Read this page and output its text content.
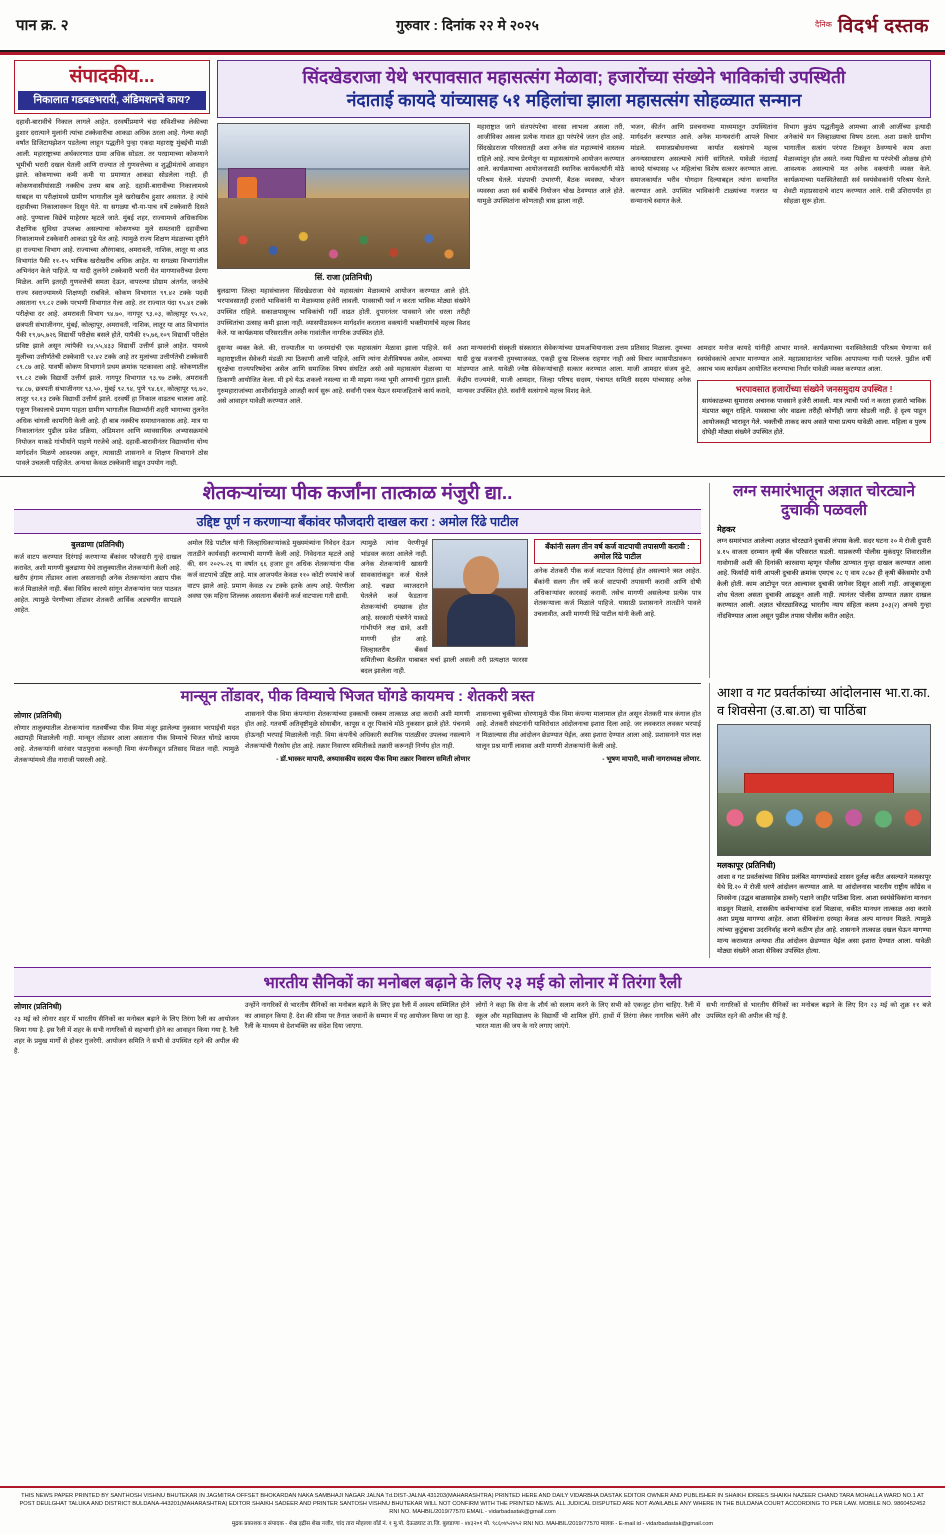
पान क्र. २	गुरुवार : दिनांक २२ मे २०२५	दैनिक विदर्भ दस्तक
संपादकीय...
निकालात गडबडभरारी, अंडिमशनचे काय?
दहावी-बारावीचे निकाल लागले आहेत. दरवर्षीप्रमाणे चंदा सविशीच्या लेकीच्या हुशार दरात्याने मुलांनी त्यांचा टक्केवारीचा आकडा अधिक ठरला आहे. गेल्या काही वर्षांत डिजिटायझेशन पडतेल्या लाहून पद्धतीने पुन्हा एकदा महाराष्ट्र मुंबईची माळी आली. महाराष्ट्राच्या अर्थकारणात ग्रामा अधिक सोडता. तर परग्रामाच्या कोकणाने भूमीची भरारी दखल घेतली आणि राज्यात तो गुणवत्तेच्या व शुद्धीमंतांचे आवाहन झाले. कोकणाच्या कमी कमी या प्रमाणात आकडा सोडलेला नाही. ही कोकणवासीयांसाठी नक्कीच उत्तम बाब आहे. दहावी-बारावीच्या निकालामध्ये याबद्दल या परीक्षांमध्ये ग्रामीण भागातील मुले खरोखरीच हुशार असतात. हे त्यांचे दहावीच्या निकालावरून दिसून येते. या सगळ्या चौ-या-पाच वर्षे टक्केवारी दिसते आहे. पुण्याला विद्येचे माहेरघर म्हटले जाते. मुंबई शहर, राज्यामध्ये अधिकाधिक शैक्षणिक सुविधा उपलब्ध असल्याचा कोकणच्या मुले समतवारी दहावीच्या निकालामध्ये टक्केवारी आकडा पुढे येत आहे. त्यामुळे राज्य शिक्षण मंडळाच्या दृष्टीने हा राज्याचा विभाग आहे. राज्याच्या औरंगाबाद, अमरावती, नाशिक, लातूर या आठ विभागांत पैकी ११-१५ भाषिक खरोखरीच अधिक आहेत. या सगळ्या विभागांतील अभिनंदन केले पाहिजे. या यादी तुलनेने टक्केवारी भरारी घेत मागणावरीच्या प्रेरणा मिळेल. आणि इतरही गुणवत्तेची समता देऊन, वापरल्या प्रोग्राम अंतर्गत, जनतेचे राज्य स्वराज्यामध्ये शिक्षणही राबविले. कोकण विभागात ९९.४२ टक्के पदवी असताना ९९.८२ टक्के परभणी विभागात गेला आहे. तर राज्यात यंदा ९५.४१ टक्के परीक्षेचा दर आहे. अमरावती विभाग ९४.७०, नागपूर ९३.०३, कोल्हापूर ९५.५२, छत्रपती संभाजीनगर, मुंबई, कोल्हापूर, अमरावती, नाशिक, लातूर या आठ विभागांत पैकी १९,७५,७२६ विद्यार्थी परीक्षेस बसले होते, यापैकी १५,७६,१०९ विद्यार्थी परीक्षेत प्रविष्ट झाले असून त्यांपैकी १४,५५,४३३ विद्यार्थी उत्तीर्ण झाले आहेत. यामध्ये मुलींच्या उत्तीर्णतेची टक्केवारी ९२.४२ टक्के आहे तर मुलांच्या उत्तीर्णतेची टक्केवारी ८९.८७ आहे. यावर्षी कोकण विभागाने प्रथम क्रमांक पटकावला आहे. कोकणातील ९९.८२ टक्के विद्यार्थी उत्तीर्ण झाले. नागपूर विभागात ९३.९७ टक्के, अमरावती ९४.८७, छत्रपती संभाजीनगर ९३.५०, मुंबई ९२.९४, पुणे ९४.६१, कोल्हापूर ९६.७२, लातूर ९२.१३ टक्के विद्यार्थी उत्तीर्ण झाले. दरवर्षी हा निकाल वाढतच चालला आहे. एकूण निकालाचे प्रमाण पाहता ग्रामीण भागातील विद्यार्थ्यांनी शहरी भागाच्या तुलनेत अधिक चांगली कामगिरी केली आहे. ही बाब नक्कीच समाधानकारक आहे. मात्र या निकालानंतर पुढील प्रवेश प्रक्रिया, अंडिमशन आणि व्यावसायिक अभ्यासक्रमांचे नियोजन याकडे गांभीर्याने पाहणे गरजेचे आहे. दहावी-बारावीनंतर विद्यार्थ्यांना योग्य मार्गदर्शन मिळणे आवश्यक असून, त्यासाठी शासनाने व शिक्षण विभागाने ठोस पावले उचलली पाहिजेत. अन्यथा केवळ टक्केवारी वाढून उपयोग नाही.
सिंदखेडराजा येथे भरपावसात महासत्संग मेळावा; हजारोंच्या संख्येने भाविकांची उपस्थिती
नंदाताई कायदे यांच्यासह ५१ महिलांचा झाला महासत्संग सोहळ्यात सन्मान
सिं. राजा (प्रतिनिधी)
बुलढाणा जिल्हा महासंचालना सिंदखेडराजा येथे महासत्संग मेळाव्याचे आयोजन करण्यात आले होते. भरपावसातही हजारो भाविकांनी या मेळाव्यास हजेरी लावली. पावसाची पर्वा न करता भाविक मोठ्या संख्येने उपस्थित राहिले. सकाळपासूनच भाविकांची गर्दी वाढत होती. दुपारनंतर पावसाने जोर धरला तरीही उपस्थितांचा उत्साह कमी झाला नाही. व्यासपीठावरून मार्गदर्शन करताना वक्त्यांनी भक्तीमार्गाचे महत्त्व विशद केले. या कार्यक्रमास परिसरातील अनेक गावांतील नागरिक उपस्थित होते.
महाराष्ट्रात जागे संतपरंपरेचा वारसा लाभला असला तरी, आजीविका असला प्रत्येक गावात ह्या परंपरेचे जतन होत आहे. सिंदखेडराजा परिसरातही अशा अनेक संत महात्म्यांचे वास्तव्य राहिले आहे. त्याच प्रेरणेतून या महासत्संगाचे आयोजन करण्यात आले. कार्यक्रमाच्या आयोजनासाठी स्थानिक कार्यकर्त्यांनी मोठे परिश्रम घेतले. मंडपाची उभारणी, बैठक व्यवस्था, भोजन व्यवस्था अशा सर्व बाबींचे नियोजन चोख ठेवण्यात आले होते. यामुळे उपस्थितांना कोणताही त्रास झाला नाही.
भजन, कीर्तन आणि प्रवचनाच्या माध्यमातून उपस्थितांना मार्गदर्शन करण्यात आले. अनेक मान्यवरांनी आपले विचार मांडले. समाजप्रबोधनाच्या कार्यात सत्संगाचे महत्त्व अनन्यसाधारण असल्याचे त्यांनी सांगितले. यावेळी नंदाताई कायदे यांच्यासह ५१ महिलांचा विशेष सत्कार करण्यात आला. समाजकार्यात भरीव योगदान दिल्याबद्दल त्यांना सन्मानित करण्यात आले. उपस्थित भाविकांनी टाळ्यांच्या गजरात या सन्मानाचे स्वागत केले.
विभाग कुठंय पद्धतीमुळे आमच्या आजी आजींच्या इत्यादी अनेकांचे मन जिव्हाळ्याचा विषय ठरला. अशा प्रकारे ग्रामीण भागातील सत्संग परंपरा टिकवून ठेवण्याचे काम अशा मेळाव्यांतून होत असते. नव्या पिढीला या परंपरेची ओळख होणे आवश्यक असल्याचे मत अनेक वक्त्यांनी व्यक्त केले. कार्यक्रमाच्या यशस्वितेसाठी सर्व स्वयंसेवकांनी परिश्रम घेतले. शेवटी महाप्रसादाचे वाटप करण्यात आले. रात्री उशिरापर्यंत हा सोहळा सुरू होता.
दुसऱ्या व्यक्त केले. की, राज्यातील या जनमदांची एक महासत्संग मेळावा झाला पाहिजे. सर्व महाराष्ट्रातील सेवेकरी मंडळी त्या ठिकाणी आली पाहिजे, आणि त्यांना शेतीविषयक असेल, आमच्या सुरक्षेचा राज्यपरिषदेचा असेल आणि समाजिक विषय संघटित असो असे महासत्संग मेळाव्या या ठिकाणी आयोजित केला. मी इथे येऊ शकलो नसल्या वा मी माझ्या नव्या भूमी आणाची गुहात झाली. गुरुमहाराजांच्या आशीर्वादामुळे आजही कार्य सुरू आहे. सर्वांनी एकत्र येऊन समाजहिताचे कार्य करावे, असे आवाहन यावेळी करण्यात आले.
अशा मान्यवरांची संस्कृती संस्कारात सेवेकऱ्यांच्या ग्रामअभियानाला उत्तम प्रतिसाद मिळाला. तुमच्या यादी दुःख वजनाची तुमच्याजवळ, एकही दुःख शिल्लक राहणार नाही असे विचार व्यासपीठावरून मांडण्यात आले. यावेळी ज्येष्ठ सेवेकऱ्यांचाही सत्कार करण्यात आला. माजी आमदार संजय कुटे, केंद्रीय राज्यमंत्री, माजी आमदार, जिल्हा परिषद सदस्य, पंचायत समिती सदस्य यांच्यासह अनेक मान्यवर उपस्थित होते. सर्वांनी सत्संगाचे महत्त्व विशद केले.
आमदार मनोज कायदे यांनीही आभार मानले. कार्यक्रमाच्या यशस्वितेसाठी परिश्रम घेणाऱ्या सर्व स्वयंसेवकांचे आभार मानण्यात आले. महाप्रसादानंतर भाविक आपापल्या गावी परतले. पुढील वर्षी असाच भव्य कार्यक्रम आयोजित करण्याचा निर्धार यावेळी व्यक्त करण्यात आला.
भरपावसात हजारोंच्या संख्येने जनसमुदाय उपस्थित !
सायंकाळच्या सुमारास अचानक पावसाने हजेरी लावली. मात्र त्याची पर्वा न करता हजारो भाविक मंडपात बसून राहिले. पावसाचा जोर वाढला तरीही कोणीही जागा सोडली नाही. हे दृश्य पाहून आयोजकही भारावून गेले. भक्तीची ताकद काय असते याचा प्रत्यय यावेळी आला. महिला व पुरुष दोघेही मोठ्या संख्येने उपस्थित होते.
शेतकऱ्यांच्या पीक कर्जांना तात्काळ मंजुरी द्या..
उद्दिष्ट पूर्ण न करणाऱ्या बँकांवर फौजदारी दाखल करा : अमोल रिंढे पाटील
बुलडाणा (प्रतिनिधी)
कर्ज वाटप करण्यात दिरंगाई करणाऱ्या बँकांवर फौजदारी गुन्हे दाखल करावेत, अशी मागणी बुलढाणा येथे तालुक्यातील शेतकऱ्यांनी केली आहे. खरीप हंगाम तोंडावर आला असतानाही अनेक शेतकऱ्यांना अद्याप पीक कर्ज मिळालेले नाही. बँका विविध कारणे सांगून शेतकऱ्यांना परत पाठवत आहेत. त्यामुळे पेरणीच्या तोंडावर शेतकरी आर्थिक अडचणीत सापडले आहेत.
अमोल रिंढे पाटील यांनी जिल्हाधिकाऱ्यांकडे मुख्यमंत्र्यांना निवेदन देऊन तातडीने कार्यवाही करण्याची मागणी केली आहे. निवेदनात म्हटले आहे की, सन २०२५-२६ या वर्षात ६६ हजार हून अधिक शेतकऱ्यांना पीक कर्ज वाटपाचे उद्दिष्ट आहे. मात्र आजपर्यंत केवळ ११० कोटी रुपयांचे कर्ज वाटप झाले आहे. प्रमाण केवळ २४ टक्के इतके अल्प आहे. पेरणीला अवघा एक महिना शिल्लक असताना बँकांनी कर्ज वाटपाला गती द्यावी.
त्यामुळे त्यांना पेरणीपूर्व भांडवल करता आलेले नाही. अनेक शेतकऱ्यांनी खासगी सावकारांकडून कर्ज घेतले आहे. चढ्या व्याजदराने घेतलेले कर्ज फेडताना शेतकऱ्यांची दमछाक होत आहे. सरकारी यंत्रणेने याकडे गांभीर्याने लक्ष द्यावे, अशी मागणी होत आहे. जिल्हास्तरीय बँकर्स समितीच्या बैठकीत याबाबत चर्चा झाली असली तरी प्रत्यक्षात फारसा बदल झालेला नाही.
बँकांनी सलग तीन वर्ष कर्ज वाटपाची तपासणी करावी : अमोल रिंढे पाटील
अनेक शेतकरी पीक कर्ज वाटपात दिरंगाई होत असल्याने त्रस्त आहेत. बँकांनी सलग तीन वर्षे कर्ज वाटपाची तपासणी करावी आणि दोषी अधिकाऱ्यांवर कारवाई करावी. तसेच मागणी असलेल्या प्रत्येक पात्र शेतकऱ्याला कर्ज मिळाले पाहिजे. यासाठी प्रशासनाने तातडीने पावले उचलावीत, अशी मागणी रिंढे पाटील यांनी केली आहे.
लग्न समारंभातून अज्ञात चोरट्याने दुचाकी पळवली
मेहकर
लग्न समारंभात आलेल्या अज्ञात चोरट्याने दुचाकी लंपास केली. सदर घटना २० मे रोजी दुपारी ४.१५ वाजता दरम्यान कृषी बँक परिसरात घडली. याप्रकरणी पोलीस मुकंदपूर शिवारातील गावोगावी अशी की दिनांकी कारवाया म्हणून पोलीस ठाण्यात गुन्हा दाखल करण्यात आला आहे. फिर्यादी यांनी आपली दुचाकी क्रमांक एमएच २८ ए वाय २८७२ ही कृषी बँकेसमोर उभी केली होती. काम आटोपून परत आल्यावर दुचाकी जागेवर दिसून आली नाही. आजूबाजूला शोध घेतला असता दुचाकी आढळून आली नाही. त्यानंतर पोलीस ठाण्यात तक्रार दाखल करण्यात आली. अज्ञात चोरट्याविरुद्ध भारतीय न्याय संहिता कलम ३०३(२) अन्वये गुन्हा नोंदविण्यात आला असून पुढील तपास पोलीस करीत आहेत.
मान्सून तोंडावर, पीक विम्याचे भिजत घोंगडे कायमच : शेतकरी त्रस्त
लोणार (प्रतिनिधी)
लोणार तालुक्यातील शेतकऱ्यांना गतवर्षीच्या पीक विमा मंजूर झालेल्या नुकसान भरपाईची मदत अद्यापही मिळालेली नाही. मान्सून तोंडावर आला असताना पीक विम्याचे भिजत घोंगडे कायम आहे. शेतकऱ्यांनी वारंवार पाठपुरावा करूनही विमा कंपनीकडून प्रतिसाद मिळत नाही. त्यामुळे शेतकऱ्यांमध्ये तीव्र नाराजी पसरली आहे.
शासनाने पीक विमा कंपन्यांना शेतकऱ्यांच्या हक्काची रक्कम तात्काळ अदा करावी अशी मागणी होत आहे. गतवर्षी अतिवृष्टीमुळे सोयाबीन, कापूस व तूर पिकांचे मोठे नुकसान झाले होते. पंचनामे होऊनही भरपाई मिळालेली नाही. विमा कंपनीचे अधिकारी स्थानिक पातळीवर उपलब्ध नसल्याने शेतकऱ्यांची गैरसोय होत आहे. तक्रार निवारण समितीकडे तक्रारी करूनही निर्णय होत नाही.
- डॉ.भास्कर मापारी, अध्यासकीय सदस्य पीक विमा तक्रार निवारण समिती लोणार
शासनाच्या चुकीच्या धोरणामुळे पीक विमा कंपन्या मालामाल होत असून शेतकरी मात्र कंगाल होत आहे. शेतकरी संघटनांनी याविरोधात आंदोलनाचा इशारा दिला आहे. जर लवकरात लवकर भरपाई न मिळाल्यास तीव्र आंदोलन छेडण्यात येईल, असा इशारा देण्यात आला आहे. प्रशासनाने यात लक्ष घालून प्रश्न मार्गी लावावा अशी मागणी शेतकऱ्यांनी केली आहे.
- भूषण मापारी, माजी नागराध्यक्ष लोणार.
आशा व गट प्रवर्तकांच्या आंदोलनास भा.रा.का. व शिवसेना (उ.बा.ठा) चा पाठिंबा
मलकापूर (प्रतिनिधी)
आशा व गट प्रवर्तकांच्या विविध प्रलंबित मागण्यांकडे शासन दुर्लक्ष करीत असल्याने मलकापूर येथे दि.२० मे रोजी धरणे आंदोलन करण्यात आले. या आंदोलनास भारतीय राष्ट्रीय काँग्रेस व शिवसेना (उद्धव बाळासाहेब ठाकरे) पक्षाने जाहीर पाठिंबा दिला. आशा स्वयंसेविकांना मानधन वाढवून मिळावे, शासकीय कर्मचाऱ्यांचा दर्जा मिळावा, थकीत मानधन तात्काळ अदा करावे अशा प्रमुख मागण्या आहेत. आशा सेविकांना दरमहा केवळ अल्प मानधन मिळते. त्यामुळे त्यांच्या कुटुंबाचा उदरनिर्वाह करणे कठीण होत आहे. शासनाने तात्काळ दखल घेऊन मागण्या मान्य कराव्यात अन्यथा तीव्र आंदोलन छेडण्यात येईल असा इशारा देण्यात आला. यावेळी मोठ्या संख्येने आशा सेविका उपस्थित होत्या.
भारतीय सैनिकों का मनोबल बढ़ाने के लिए २३ मई को लोनार में तिरंगा रैली
लोणार (प्रतिनिधी)
२३ मई को लोनार शहर में भारतीय सैनिकों का मनोबल बढ़ाने के लिए तिरंगा रैली का आयोजन किया गया है. इस रैली में शहर के सभी नागरिकों से सहभागी होने का आवाहन किया गया है. रैली शहर के प्रमुख मार्गों से होकर गुजरेगी. आयोजन समिति ने सभी से उपस्थित रहने की अपील की है.
उन्होंने नागरिकों से भारतीय सैनिकों का मनोबल बढ़ाने के लिए इस रैली में अवश्य सम्मिलित होने का आवाहन किया है. देश की सीमा पर तैनात जवानों के सम्मान में यह आयोजन किया जा रहा है. रैली के माध्यम से देशभक्ति का संदेश दिया जाएगा.
लोगों ने कहा कि सेना के शौर्य को सलाम करने के लिए सभी को एकजुट होना चाहिए. रैली में स्कूल और महाविद्यालय के विद्यार्थी भी शामिल होंगे. हाथों में तिरंगा लेकर नागरिक चलेंगे और भारत माता की जय के नारे लगाए जाएंगे.
सभी नागरिकों से भारतीय सैनिकों का मनोबल बढ़ाने के लिए दिन २३ मई को शुक्र ११ बजे उपस्थित रहने की अपील की गई है.
THIS NEWS PAPER PRINTED BY SANTHOSH VISHNU BHUTEKAR IN JAGMITRA OFFSET BHOKARDAN NAKA SAMBHAJI NAGAR JALNA Td.DIST-JALNA 431203(MAHARASHTRA) PRINTED HERE AND DAILY VIDARBHA DASTAK EDITOR OWNER AND PUBLISHER IN SHAIKH IDREES SHAIKH NAZEER CHAND TARA MOHALLA WARD NO.1 AT POST DEULGHAT TALUKA AND DISTRICT BULDANA-443201(MAHARASHTRA) EDITOR SHAIKH SADEER AND PRINTER SANTOSH VISHNU BHUTEKAR WILL NOT CONFIRM WITH THE PRINTED NEWS. ALL JUDICAL DISPUTED ARE NOT AVAILABLE ANY WHERE IN THE BULDANA COURT ACCORDING TO PER LAW. MOBILE NO. 9860452452 RNI NO. MAHBIL/2019/77570 EMAIL - vidarbadastak@gmail.com
मुद्रक प्रकाशक व संपादक - शेख इद्रीस शेख नजीर, चांद तारा मोहल्ला वॉर्ड नं. १ मु.पो. देऊळघाट ता.जि. बुलडाणा - ४४३२०१ मो. ९८६०४५२४५२ RNI NO. MAHBIL/2019/77570 मालक - E-mail id - vidarbadastak@gmail.com
